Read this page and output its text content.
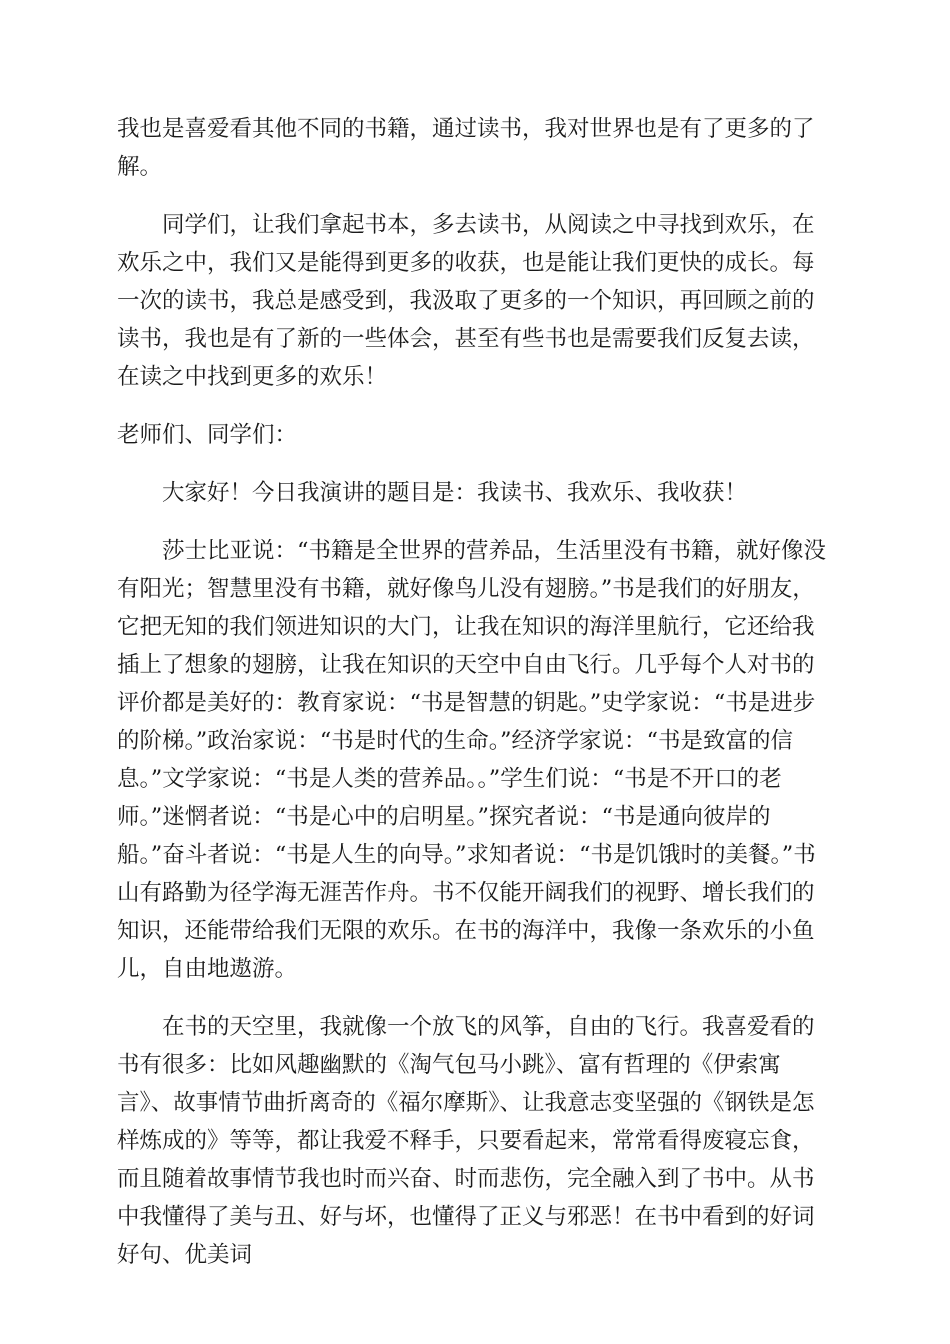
我也是喜爱看其他不同的书籍，通过读书，我对世界也是有了更多的了解。

同学们，让我们拿起书本，多去读书，从阅读之中寻找到欢乐，在欢乐之中，我们又是能得到更多的收获，也是能让我们更快的成长。每一次的读书，我总是感受到，我汲取了更多的一个知识，再回顾之前的读书，我也是有了新的一些体会，甚至有些书也是需要我们反复去读，在读之中找到更多的欢乐！

老师们、同学们：

大家好！今日我演讲的题目是：我读书、我欢乐、我收获！

莎士比亚说：“书籍是全世界的营养品，生活里没有书籍，就好像没有阳光；智慧里没有书籍，就好像鸟儿没有翅膀。”书是我们的好朋友，它把无知的我们领进知识的大门，让我在知识的海洋里航行，它还给我插上了想象的翅膀，让我在知识的天空中自由飞行。几乎每个人对书的评价都是美好的：教育家说：“书是智慧的钥匙。”史学家说：“书是进步的阶梯。”政治家说：“书是时代的生命。”经济学家说：“书是致富的信息。”文学家说：“书是人类的营养品。。”学生们说：“书是不开口的老师。”迷惘者说：“书是心中的启明星。”探究者说：“书是通向彼岸的船。”奋斗者说：“书是人生的向导。”求知者说：“书是饥饿时的美餐。”书山有路勤为径学海无涯苦作舟。书不仅能开阔我们的视野、增长我们的知识，还能带给我们无限的欢乐。在书的海洋中，我像一条欢乐的小鱼儿，自由地遨游。

在书的天空里，我就像一个放飞的风筝，自由的飞行。我喜爱看的书有很多：比如风趣幽默的《淘气包马小跳》、富有哲理的《伊索寓言》、故事情节曲折离奇的《福尔摩斯》、让我意志变坚强的《钢铁是怎样炼成的》等等，都让我爱不释手，只要看起来，常常看得废寝忘食，而且随着故事情节我也时而兴奋、时而悲伤，完全融入到了书中。从书中我懂得了美与丑、好与坏，也懂得了正义与邪恶！在书中看到的好词好句、优美词
